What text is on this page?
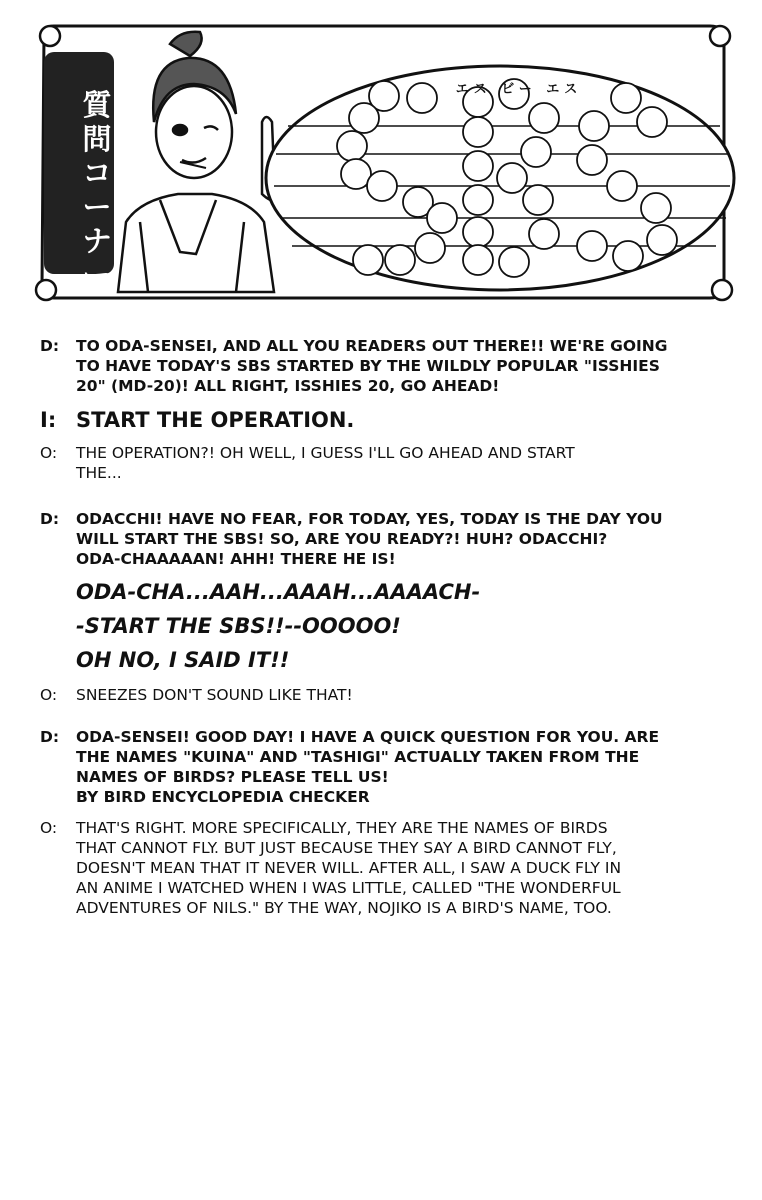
質
問
コ
ー
ナ
ー
エス ビー エス
D:	TO ODA-SENSEI, AND ALL YOU READERS OUT THERE!! WE'RE GOING
TO HAVE TODAY'S SBS STARTED BY THE WILDLY POPULAR "ISSHIES
20" (MD-20)! ALL RIGHT, ISSHIES 20, GO AHEAD!
I: START THE OPERATION.
O:	THE OPERATION?! OH WELL, I GUESS I'LL GO AHEAD AND START
THE...
D:	ODACCHI! HAVE NO FEAR, FOR TODAY, YES, TODAY IS THE DAY YOU
WILL START THE SBS! SO, ARE YOU READY?! HUH? ODACCHI?
ODA-CHAAAAAN! AHH! THERE HE IS!
ODA-CHA...AAH...AAAH...AAAACH-
-START THE SBS!!--OOOOO!
OH NO, I SAID IT!!
O:	SNEEZES DON'T SOUND LIKE THAT!
D:	ODA-SENSEI! GOOD DAY! I HAVE A QUICK QUESTION FOR YOU. ARE
THE NAMES "KUINA" AND "TASHIGI" ACTUALLY TAKEN FROM THE
NAMES OF BIRDS? PLEASE TELL US!
BY BIRD ENCYCLOPEDIA CHECKER
O:	THAT'S RIGHT. MORE SPECIFICALLY, THEY ARE THE NAMES OF BIRDS
THAT CANNOT FLY. BUT JUST BECAUSE THEY SAY A BIRD CANNOT FLY,
DOESN'T MEAN THAT IT NEVER WILL. AFTER ALL, I SAW A DUCK FLY IN
AN ANIME I WATCHED WHEN I WAS LITTLE, CALLED "THE WONDERFUL
ADVENTURES OF NILS." BY THE WAY, NOJIKO IS A BIRD'S NAME, TOO.
